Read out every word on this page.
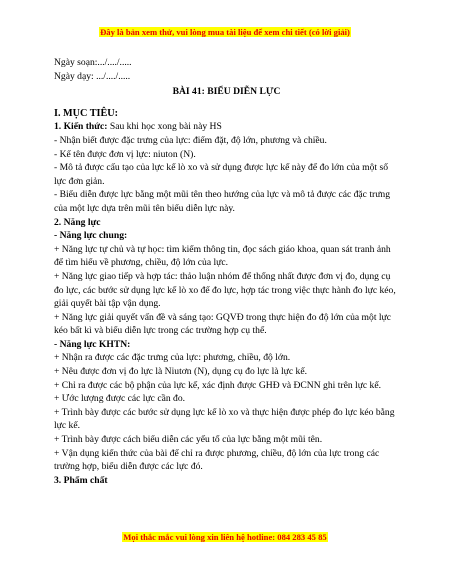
Đây là bản xem thử, vui lòng mua tài liệu để xem chi tiết (có lời giải)

Ngày soạn:.../..../.....

Ngày dạy: .../..../.....

BÀI 41: BIỂU DIỄN LỰC

I. MỤC TIÊU:

1. Kiến thức: Sau khi học xong bài này HS

- Nhận biết được đặc trưng của lực: điểm đặt, độ lớn, phương và chiều.

- Kể tên được đơn vị lực: niuton (N).

- Mô tả được cấu tạo của lực kế lò xo và sử dụng được lực kế này để đo lớn của một số lực đơn giản.

- Biểu diễn được lực bằng một mũi tên theo hướng của lực và mô tả được các đặc trưng của một lực dựa trên mũi tên biểu diễn lực này.

2. Năng lực

- Năng lực chung:

+ Năng lực tự chủ và tự học: tìm kiếm thông tin, đọc sách giáo khoa, quan sát tranh ảnh để tìm hiểu về phương, chiều, độ lớn của lực.

+ Năng lực giao tiếp và hợp tác: thảo luận nhóm để thống nhất được đơn vị đo, dụng cụ đo lực, các bước sử dụng lực kế lò xo để đo lực, hợp tác trong việc thực hành đo lực kéo, giải quyết bài tập vận dụng.

+ Năng lực giải quyết vấn đề và sáng tạo: GQVĐ trong thực hiện đo độ lớn của một lực kéo bất kì và biểu diễn lực trong các trường hợp cụ thể.

- Năng lực KHTN:

+ Nhận ra được các đặc trưng của lực: phương, chiều, độ lớn.

+ Nêu được đơn vị đo lực là Niutơn (N), dụng cụ đo lực là lực kế.

+ Chỉ ra được các bộ phận của lực kế, xác định được GHĐ và ĐCNN ghi trên lực kế.

+ Ước lượng được các lực cần đo.

+ Trình bày được các bước sử dụng lực kế lò xo và thực hiện được phép đo lực kéo bằng lực kế.

+ Trình bày được cách biểu diễn các yếu tố của lực bằng một mũi tên.

+ Vận dụng kiến thức của bài để chỉ ra được phương, chiều, độ lớn của lực trong các trường hợp, biểu diễn được các lực đó.

3. Phẩm chất

Mọi thắc mắc vui lòng xin liên hệ hotline: 084 283 45 85
